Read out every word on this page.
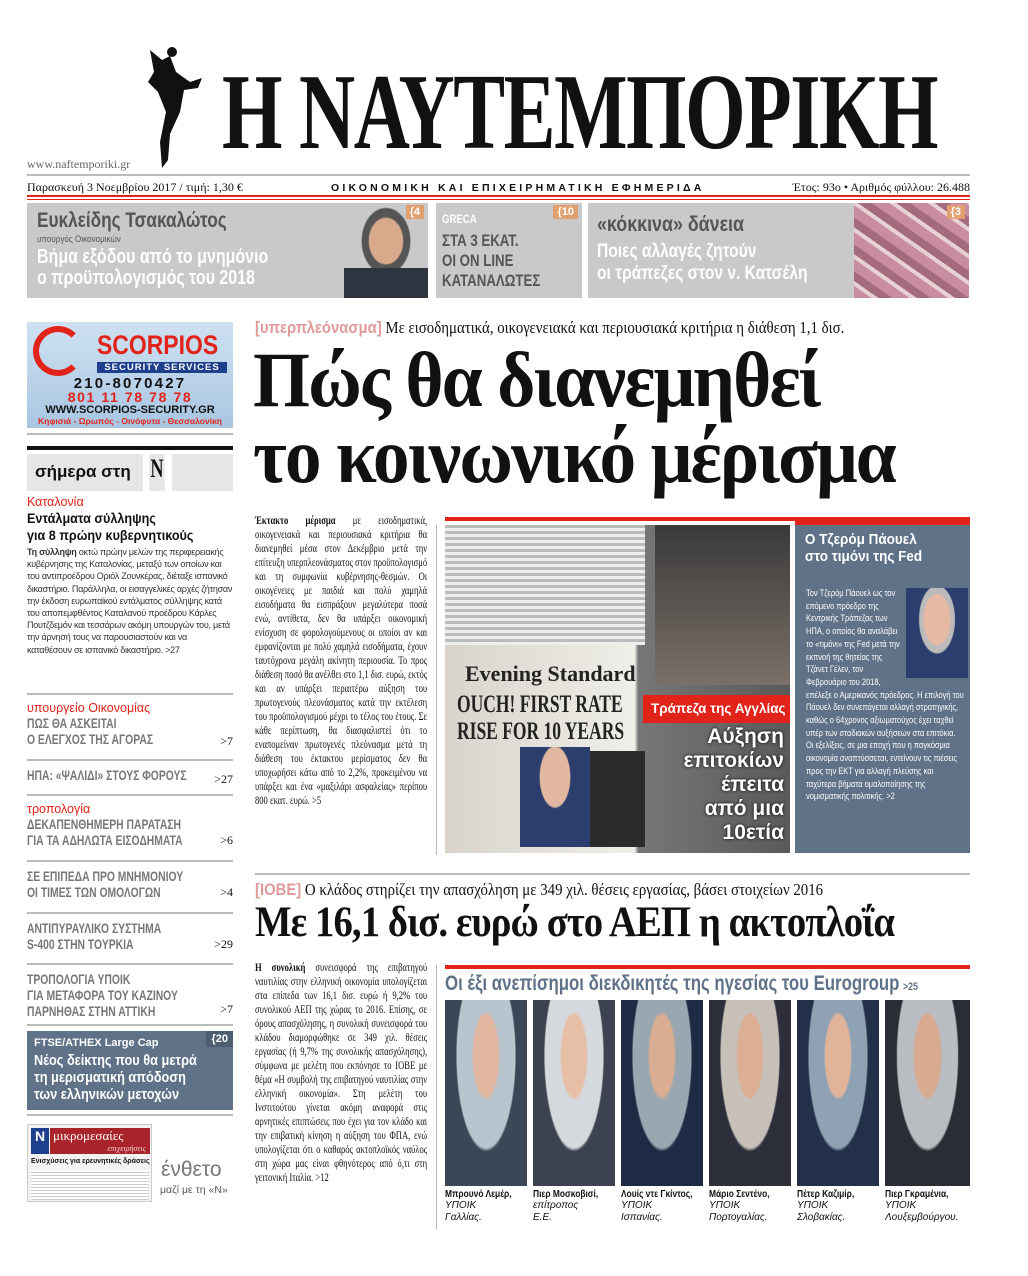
Η ΝΑΥΤΕΜΠΟΡΙΚΗ
www.naftemporiki.gr
Παρασκευή 3 Νοεμβρίου 2017 / τιμή: 1,30 €	ΟΙΚΟΝΟΜΙΚΗ ΚΑΙ ΕΠΙΧΕΙΡΗΜΑΤΙΚΗ ΕΦΗΜΕΡΙΔΑ	Έτος: 93ο • Αριθμός φύλλου: 26.488
Ευκλείδης Τσακαλώτος
υπουργός Οικονομικών
Βήμα εξόδου από το μνημόνιο
ο προϋπολογισμός του 2018
{4	GRECA
ΣΤΑ 3 ΕΚΑΤ.
ΟΙ ON LINE
ΚΑΤΑΝΑΛΩΤΕΣ
{10
«κόκκινα» δάνεια
Ποιες αλλαγές ζητούν
οι τράπεζες στον ν. Κατσέλη
{3
SCORPIOS
SECURITY SERVICES
210-8070427
801 11 78 78 78
WWW.SCORPIOS-SECURITY.GR
Κηφισιά - Ωρωπός - Οινόφυτα - Θεσσαλονίκη
σήμερα στη N
Καταλονία
Εντάλματα σύλληψης
για 8 πρώην κυβερνητικούς
Τη σύλληψη οκτώ πρώην μελών της περιφερειακής κυβέρνησης της Καταλονίας, μεταξύ των οποίων και του αντιπροέδρου Οριόλ Ζουνκέρας, διέταξε ισπανικό δικαστήριο. Παράλληλα, οι εισαγγελικές αρχές ζήτησαν την έκδοση ευρωπαϊκού εντάλματος σύλληψης κατά του αποπεμφθέντος Καταλανού προέδρου Κάρλες Πουτζδεμόν και τεσσάρων ακόμη υπουργών του, μετά την άρνησή τους να παρουσιαστούν και να καταθέσουν σε ισπανικό δικαστήριο. >27
υπουργείο Οικονομίας
ΠΩΣ ΘΑ ΑΣΚΕΙΤΑΙ
Ο ΕΛΕΓΧΟΣ ΤΗΣ ΑΓΟΡΑΣ	>7
ΗΠΑ: «ΨΑΛΙΔΙ» ΣΤΟΥΣ ΦΟΡΟΥΣ >27
τροπολογία
ΔΕΚΑΠΕΝΘΗΜΕΡΗ ΠΑΡΑΤΑΣΗ
ΓΙΑ ΤΑ ΑΔΗΛΩΤΑ ΕΙΣΟΔΗΜΑΤΑ	>6
ΣΕ ΕΠΙΠΕΔΑ ΠΡΟ ΜΝΗΜΟΝΙΟΥ
ΟΙ ΤΙΜΕΣ ΤΩΝ ΟΜΟΛΟΓΩΝ	>4
ΑΝΤΙΠΥΡΑΥΛΙΚΟ ΣΥΣΤΗΜΑ
S-400 ΣΤΗΝ ΤΟΥΡΚΙΑ	>29
ΤΡΟΠΟΛΟΓΙΑ ΥΠΟΙΚ
ΓΙΑ ΜΕΤΑΦΟΡΑ ΤΟΥ ΚΑΖΙΝΟΥ
ΠΑΡΝΗΘΑΣ ΣΤΗΝ ΑΤΤΙΚΗ	>7
FTSE/ATHEX Large Cap	{20
Νέος δείκτης που θα μετρά
τη μερισματική απόδοση
των ελληνικών μετοχών
N μικρομεσαίες
επιχειρήσεις
Ενισχύσεις για ερευνητικές δράσεις ένθετο
μαζί με τη «Ν»
[υπερπλεόνασμα] Με εισοδηματικά, οικογενειακά και περιουσιακά κριτήρια η διάθεση 1,1 δισ.
Πώς θα διανεμηθεί
το κοινωνικό μέρισμα
Έκτακτο μέρισμα με εισοδηματικά, οικογενειακά και περιουσιακά κριτήρια θα διανεμηθεί μέσα στον Δεκέμβριο μετά την επίτευξη υπερπλεονάσματος στον προϋπολογισμό και τη συμφωνία κυβέρνησης-θεσμών. Οι οικογένειες με παιδιά και πολύ χαμηλά εισοδήματα θα εισπράξουν μεγαλύτερα ποσά ενώ, αντίθετα, δεν θα υπάρξει οικονομική ενίσχυση σε φορολογούμενους οι οποίοι αν και εμφανίζονται με πολύ χαμηλά εισοδήματα, έχουν ταυτόχρονα μεγάλη ακίνητη περιουσία. Το προς διάθεση ποσό θα ανέλθει στο 1,1 δισ. ευρώ, εκτός και αν υπάρξει περαιτέρω αύξηση του πρωτογενούς πλεονάσματος κατά την εκτέλεση του προϋπολογισμού μέχρι το τέλος του έτους. Σε κάθε περίπτωση, θα διασφαλιστεί ότι το εναπομείναν πρωτογενές πλεόνασμα μετά τη διάθεση του έκτακτου μερίσματος δεν θα υποχωρήσει κάτω από το 2,2%, προκειμένου να υπάρξει και ένα «μαξιλάρι ασφαλείας» περίπου 800 εκατ. ευρώ. >5
Evening Standard
OUCH! FIRST RATE
RISE FOR 10 YEARS
Τράπεζα της Αγγλίας
Αύξηση
επιτοκίων
έπειτα
από μια
10ετία
Ο Τζερόμ Πάουελ
στο τιμόνι της Fed
Τον Τζερόμ Πάουελ ως τον επόμενο πρόεδρο της Κεντρικής Τράπεζας των ΗΠΑ, ο οποίος θα αναλάβει το «τιμόνι» της Fed μετά την εκπνοή της θητείας της Τζάνετ Γέλεν, τον Φεβρουάριο του 2018, επέλεξε ο Αμερικανός πρόεδρος. Η επιλογή του Πάουελ δεν συνεπάγεται αλλαγή στρατηγικής, καθώς ο 64χρονος αξιωματούχος έχει ταχθεί υπέρ των σταδιακών αυξήσεων στα επιτόκια. Οι εξελίξεις, σε μια εποχή που η παγκόσμια οικονομία αναπτύσσεται, εντείνουν τις πιέσεις προς την ΕΚΤ για αλλαγή πλεύσης και ταχύτερα βήματα ομαλοποίησης της νομισματικής πολιτικής. >2
[ΙΟΒΕ] Ο κλάδος στηρίζει την απασχόληση με 349 χιλ. θέσεις εργασίας, βάσει στοιχείων 2016
Με 16,1 δισ. ευρώ στο ΑΕΠ η ακτοπλοΐα
Η συνολική συνεισφορά της επιβατηγού ναυτιλίας στην ελληνική οικονομία υπολογίζεται στα επίπεδα των 16,1 δισ. ευρώ ή 9,2% του συνολικού ΑΕΠ της χώρας το 2016. Επίσης, σε όρους απασχόλησης, η συνολική συνεισφορά του κλάδου διαμορφώθηκε σε 349 χιλ. θέσεις εργασίας (ή 9,7% της συνολικής απασχόλησης), σύμφωνα με μελέτη που εκπόνησε το ΙΟΒΕ με θέμα «Η συμβολή της επιβατηγού ναυτιλίας στην ελληνική οικονομία». Στη μελέτη του Ινστιτούτου γίνεται ακόμη αναφορά στις αρνητικές επιπτώσεις που έχει για τον κλάδο και την επιβατική κίνηση η αύξηση του ΦΠΑ, ενώ υπολογίζεται ότι ο καθαρός ακτοπλοϊκός ναύλος στη χώρα μας είναι φθηνότερος από ό,τι στη γειτονική Ιταλία. >12
Οι έξι ανεπίσημοι διεκδικητές της ηγεσίας του Eurogroup >25
Μπρουνό Λεμέρ,
ΥΠΟΙΚ
Γαλλίας.
Πιερ Μοσκοβισί,
επίτροπος
Ε.Ε.
Λουίς ντε Γκίντος,
ΥΠΟΙΚ
Ισπανίας.
Μάριο Σεντένο,
ΥΠΟΙΚ
Πορτογαλίας.
Πέτερ Καζιμίρ,
ΥΠΟΙΚ
Σλοβακίας.
Πιερ Γκραμένια,
ΥΠΟΙΚ
Λουξεμβούργου.
